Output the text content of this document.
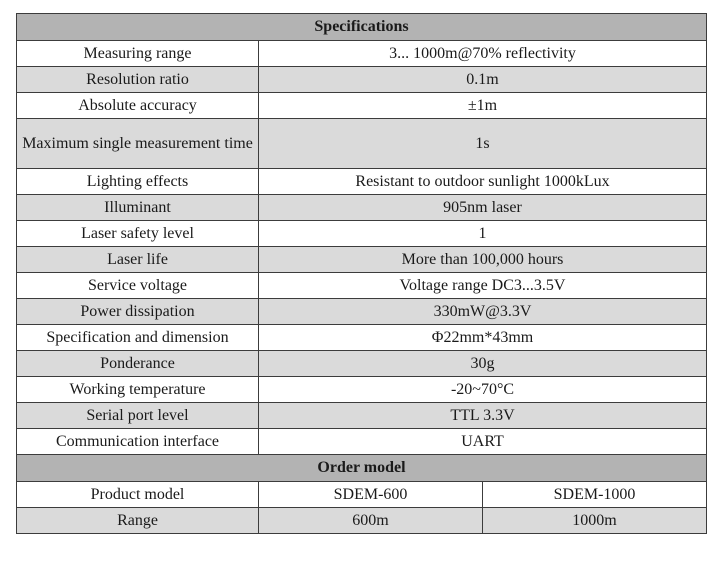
Specifications		
Measuring range	3... 1000m@70% reflectivity	
Resolution ratio	0.1m	
Absolute accuracy	±1m	
Maximum single measurement time	1s	
Lighting effects	Resistant to outdoor sunlight 1000kLux	
Illuminant	905nm laser	
Laser safety level	1	
Laser life	More than 100,000 hours	
Service voltage	Voltage range DC3...3.5V	
Power dissipation	330mW@3.3V	
Specification and dimension	Φ22mm*43mm	
Ponderance	30g	
Working temperature	-20~70°C	
Serial port level	TTL 3.3V	
Communication interface	UART	
Order model		
Product model	SDEM-600	SDEM-1000
Range	600m	1000m
